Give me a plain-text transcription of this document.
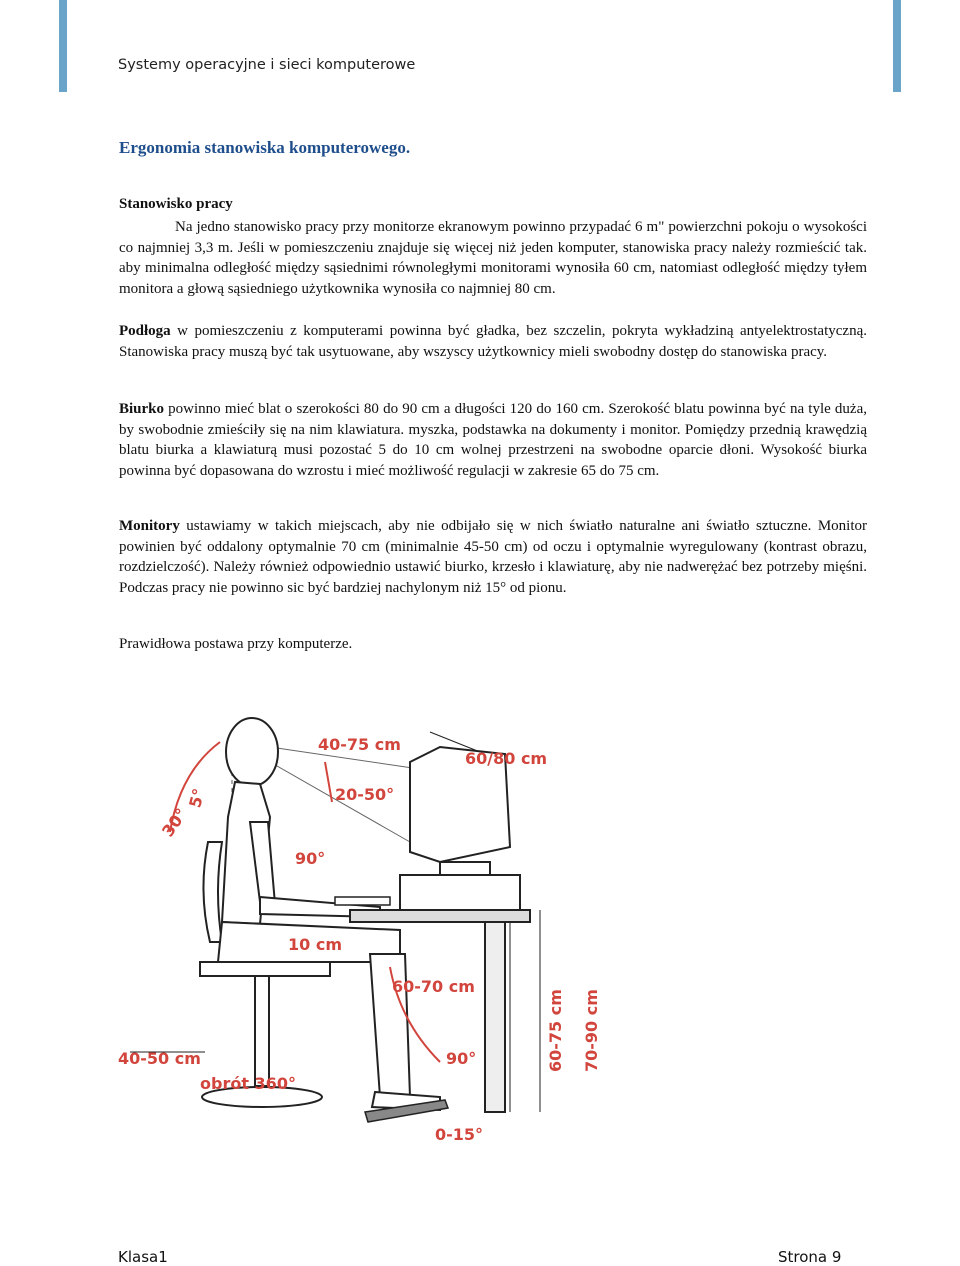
Systemy operacyjne i sieci komputerowe
Ergonomia stanowiska komputerowego.
Stanowisko pracy

Na jedno stanowisko pracy przy monitorze ekranowym powinno przypadać 6 m" powierzchni pokoju o wysokości co najmniej 3,3 m. Jeśli w pomieszczeniu znajduje się więcej niż jeden komputer, stanowiska pracy należy rozmieścić tak. aby minimalna odległość między sąsiednimi równoległymi monitorami wynosiła 60 cm, natomiast odległość między tyłem monitora a głową sąsiedniego użytkownika wynosiła co najmniej 80 cm.

Podłoga w pomieszczeniu z komputerami powinna być gładka, bez szczelin, pokryta wykładziną antyelektrostatyczną. Stanowiska pracy muszą być tak usytuowane, aby wszyscy użytkownicy mieli swobodny dostęp do stanowiska pracy.

Biurko powinno mieć blat o szerokości 80 do 90 cm a długości 120 do 160 cm. Szerokość blatu powinna być na tyle duża, by swobodnie zmieściły się na nim klawiatura. myszka, podstawka na dokumenty i monitor. Pomiędzy przednią krawędzią blatu biurka a klawiaturą musi pozostać 5 do 10 cm wolnej przestrzeni na swobodne oparcie dłoni. Wysokość biurka powinna być dopasowana do wzrostu i mieć możliwość regulacji w zakresie 65 do 75 cm.

Monitory ustawiamy w takich miejscach, aby nie odbijało się w nich światło naturalne ani światło sztuczne. Monitor powinien być oddalony optymalnie 70 cm (minimalnie 45-50 cm) od oczu i optymalnie wyregulowany (kontrast obrazu, rozdzielczość). Należy również odpowiednio ustawić biurko, krzesło i klawiaturę, aby nie nadwerężać bez potrzeby mięśni. Podczas pracy nie powinno sic być bardziej nachylonym niż 15° od pionu.

Prawidłowa postawa przy komputerze.

40-75 cm
60/80 cm
20-50°
30°
5°
90°
10 cm
60-70 cm
40-50 cm	90°
obrót 360°
0-15°
60-75 cm 70-90 cm
Klasa1	Strona 9
